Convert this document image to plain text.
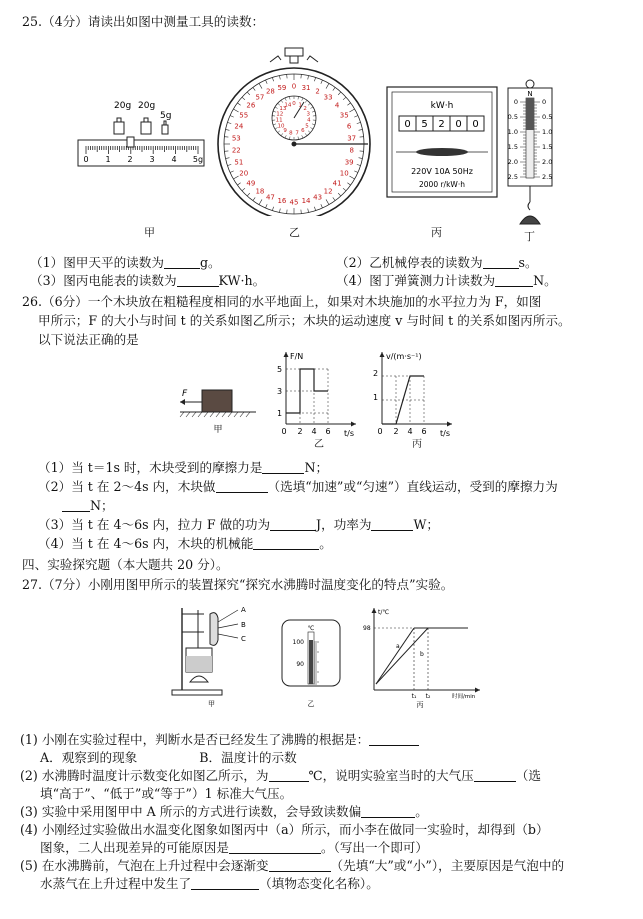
25.（4分）请读出如图中测量工具的读数：
20g 20g
5g
0 1 2 3 4 5g
31 2
33
4
35
6
37
8
39
10
41
12
43
14
45
16
47
18
49
20
51
22
53
24
55
26
57
28 59 0
0 1
2
3
4
5
6
7
8
9
10
11
12
13
14	kW·h
0 5 2 0 0
220V 10A 50Hz
2000 r/kW·h
N
0
0.5
1.0
1.5
2.0
2.5
0
0.5
1.0
1.5
2.0
2.5
甲	乙	丙	丁
（1）图甲天平的读数为	g。	（2）乙机械停表的读数为	s。
（3）图丙电能表的读数为	KW·h。	（4）图丁弹簧测力计读数为	N。
26.（6分）一个木块放在粗糙程度相同的水平地面上，如果对木块施加的水平拉力为 F，如图
甲所示；F 的大小与时间 t 的关系如图乙所示；木块的运动速度 v 与时间 t 的关系如图丙所示。
以下说法正确的是
F
甲
F/N
t/s
5
3
1
0 2 4 6
乙
v/(m·s⁻¹)
t/s
2
1
0 2 4 6
丙
（1）当 t＝1s 时，木块受到的摩擦力是	N；
（2）当 t 在 2～4s 内，木块做	（选填“加速”或“匀速”）直线运动，受到的摩擦力为
N；
（3）当 t 在 4～6s 内，拉力 F 做的功为	J，功率为	W；
（4）当 t 在 4～6s 内，木块的机械能	。
四、实验探究题（本大题共 20 分）。
27.（7分）小刚用图甲所示的装置探究“探究水沸腾时温度变化的特点”实验。
A
B
C
甲
℃
100
90
乙
t/℃
98
a
b
t₁ t₂	时间/min
丙
(1) 小刚在实验过程中，判断水是否已经发生了沸腾的根据是：
A．观察到的现象	B．温度计的示数
(2) 水沸腾时温度计示数变化如图乙所示，为	℃，说明实验室当时的大气压	（选
填“高于”、“低于”或“等于”）1 标准大气压。
(3) 实验中采用图甲中 A 所示的方式进行读数，会导致读数偏	。
(4) 小刚经过实验做出水温变化图象如图丙中（a）所示，而小李在做同一实验时，却得到（b）
图象，二人出现差异的可能原因是	。（写出一个即可）
(5) 在水沸腾前，气泡在上升过程中会逐渐变	（先填“大”或“小”），主要原因是气泡中的
水蒸气在上升过程中发生了	（填物态变化名称）。
